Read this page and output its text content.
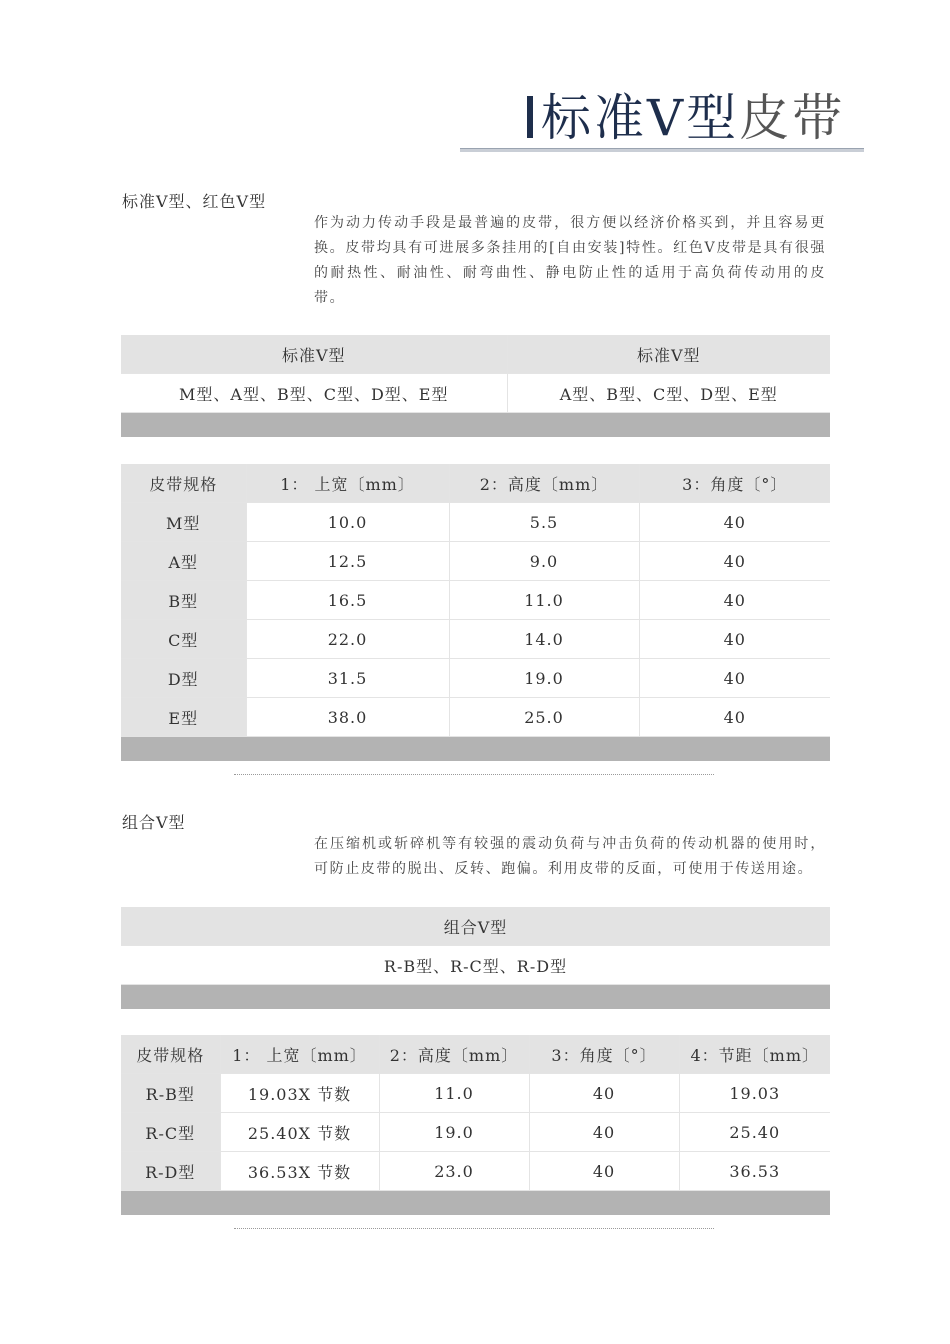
标准V型皮带
标准V型、红色V型
作为动力传动手段是最普遍的皮带，很方便以经济价格买到，并且容易更换。皮带均具有可进展多条挂用的[自由安装]特性。红色V皮带是具有很强的耐热性、耐油性、耐弯曲性、静电防止性的适用于高负荷传动用的皮带。
标准V型	标准V型
M型、A型、B型、C型、D型、E型	A型、B型、C型、D型、E型

皮带规格	1： 上宽〔mm〕	2：高度〔mm〕	3：角度〔°〕
M型	10.0	5.5	40
A型	12.5	9.0	40
B型	16.5	11.0	40
C型	22.0	14.0	40
D型	31.5	19.0	40
E型	38.0	25.0	40

组合V型
在压缩机或斩碎机等有较强的震动负荷与冲击负荷的传动机器的使用时，可防止皮带的脱出、反转、跑偏。利用皮带的反面，可使用于传送用途。
组合V型
R-B型、R-C型、R-D型

皮带规格	1： 上宽〔mm〕	2：高度〔mm〕	3：角度〔°〕	4：节距〔mm〕
R-B型	19.03X 节数	11.0	40	19.03
R-C型	25.40X 节数	19.0	40	25.40
R-D型	36.53X 节数	23.0	40	36.53
